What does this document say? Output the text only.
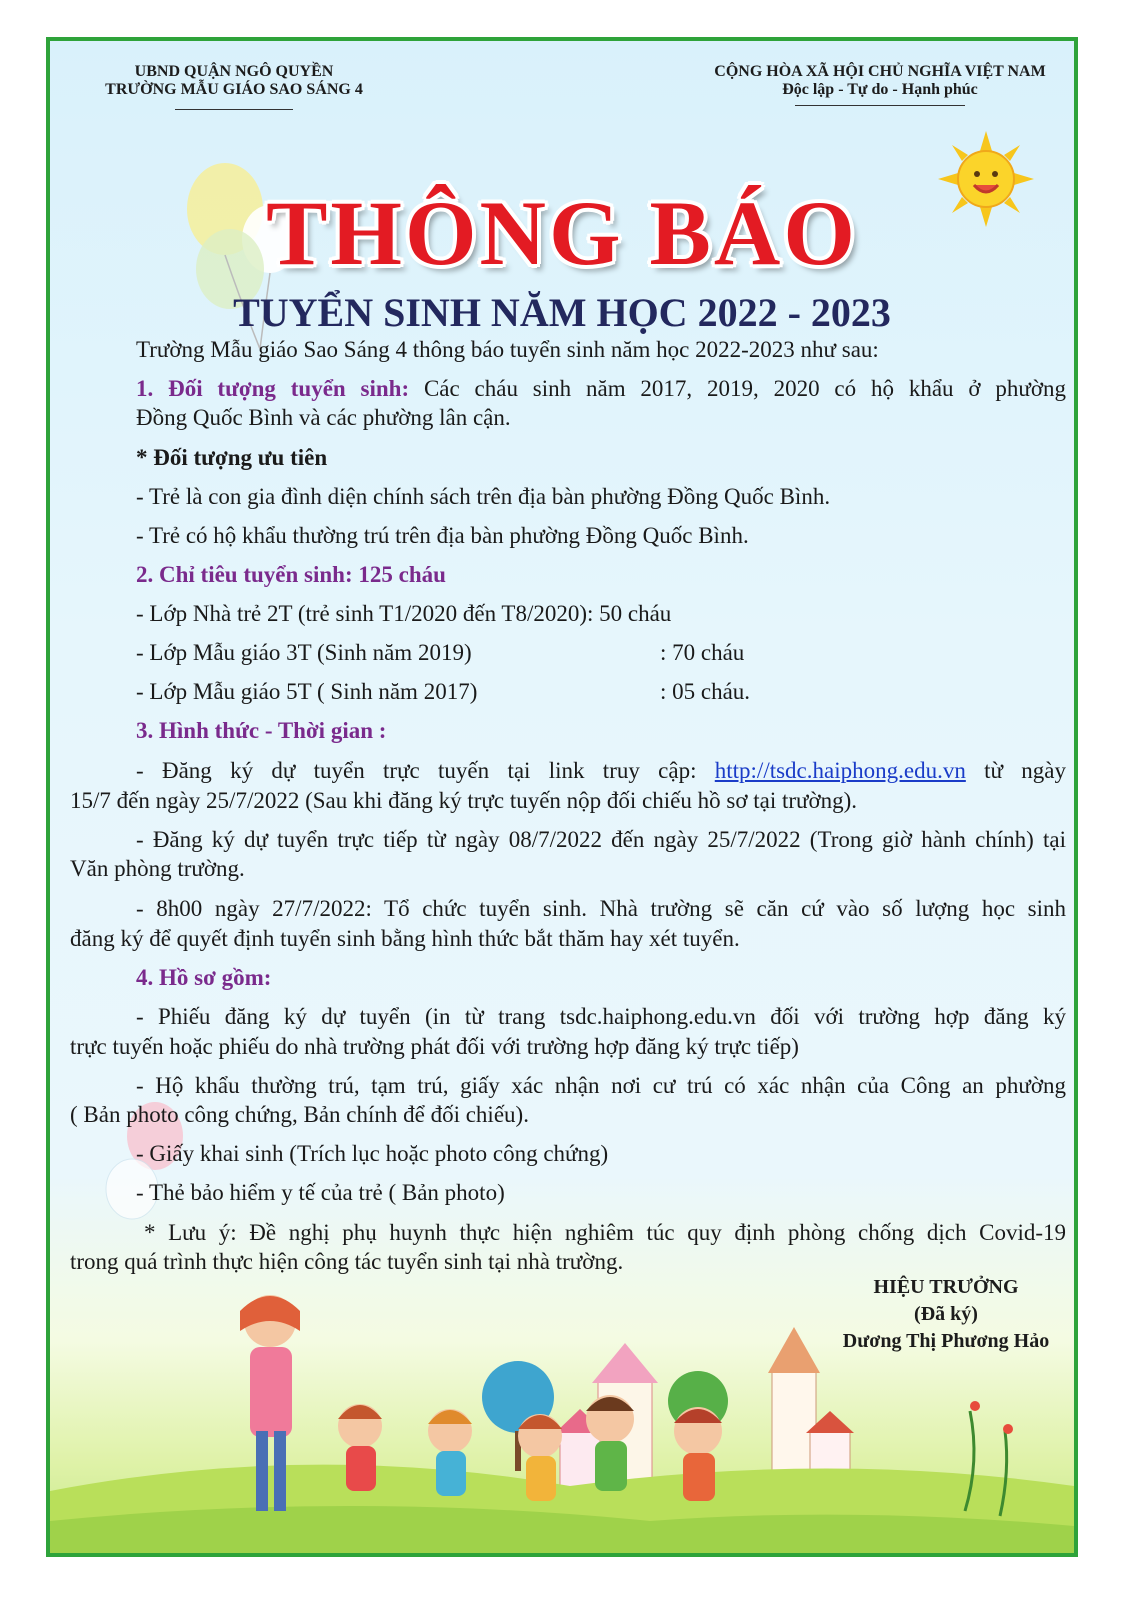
UBND QUẬN NGÔ QUYỀN
TRƯỜNG MẪU GIÁO SAO SÁNG 4
CỘNG HÒA XÃ HỘI CHỦ NGHĨA VIỆT NAM
Độc lập - Tự do - Hạnh phúc
THÔNG BÁO
TUYỂN SINH NĂM HỌC 2022 - 2023
Trường Mẫu giáo Sao Sáng 4 thông báo tuyển sinh năm học 2022-2023 như sau:
1. Đối tượng tuyển sinh: Các cháu sinh năm 2017, 2019, 2020 có hộ khẩu ở phường
Đồng Quốc Bình và các phường lân cận.
* Đối tượng ưu tiên
- Trẻ là con gia đình diện chính sách trên địa bàn phường Đồng Quốc Bình.
- Trẻ có hộ khẩu thường trú trên địa bàn phường Đồng Quốc Bình.
2. Chỉ tiêu tuyển sinh: 125 cháu
- Lớp Nhà trẻ 2T (trẻ sinh T1/2020 đến T8/2020): 50 cháu
- Lớp Mẫu giáo 3T (Sinh năm 2019)	: 70 cháu
- Lớp Mẫu giáo 5T ( Sinh năm 2017)	: 05 cháu.
3. Hình thức - Thời gian :
- Đăng ký dự tuyển trực tuyến tại link truy cập: http://tsdc.haiphong.edu.vn từ ngày
15/7 đến ngày 25/7/2022 (Sau khi đăng ký trực tuyến nộp đối chiếu hồ sơ tại trường).
- Đăng ký dự tuyển trực tiếp từ ngày 08/7/2022 đến ngày 25/7/2022 (Trong giờ hành chính) tại
Văn phòng trường.
- 8h00 ngày 27/7/2022: Tổ chức tuyển sinh. Nhà trường sẽ căn cứ vào số lượng học sinh
đăng ký để quyết định tuyển sinh bằng hình thức bắt thăm hay xét tuyển.
4. Hồ sơ gồm:
- Phiếu đăng ký dự tuyển (in từ trang tsdc.haiphong.edu.vn đối với trường hợp đăng ký
trực tuyến hoặc phiếu do nhà trường phát đối với trường hợp đăng ký trực tiếp)
- Hộ khẩu thường trú, tạm trú, giấy xác nhận nơi cư trú có xác nhận của Công an phường
( Bản photo công chứng, Bản chính để đối chiếu).
- Giấy khai sinh (Trích lục hoặc photo công chứng)
- Thẻ bảo hiểm y tế của trẻ ( Bản photo)
* Lưu ý: Đề nghị phụ huynh thực hiện nghiêm túc quy định phòng chống dịch Covid-19
trong quá trình thực hiện công tác tuyển sinh tại nhà trường.
HIỆU TRƯỞNG
(Đã ký)
Dương Thị Phương Hảo
